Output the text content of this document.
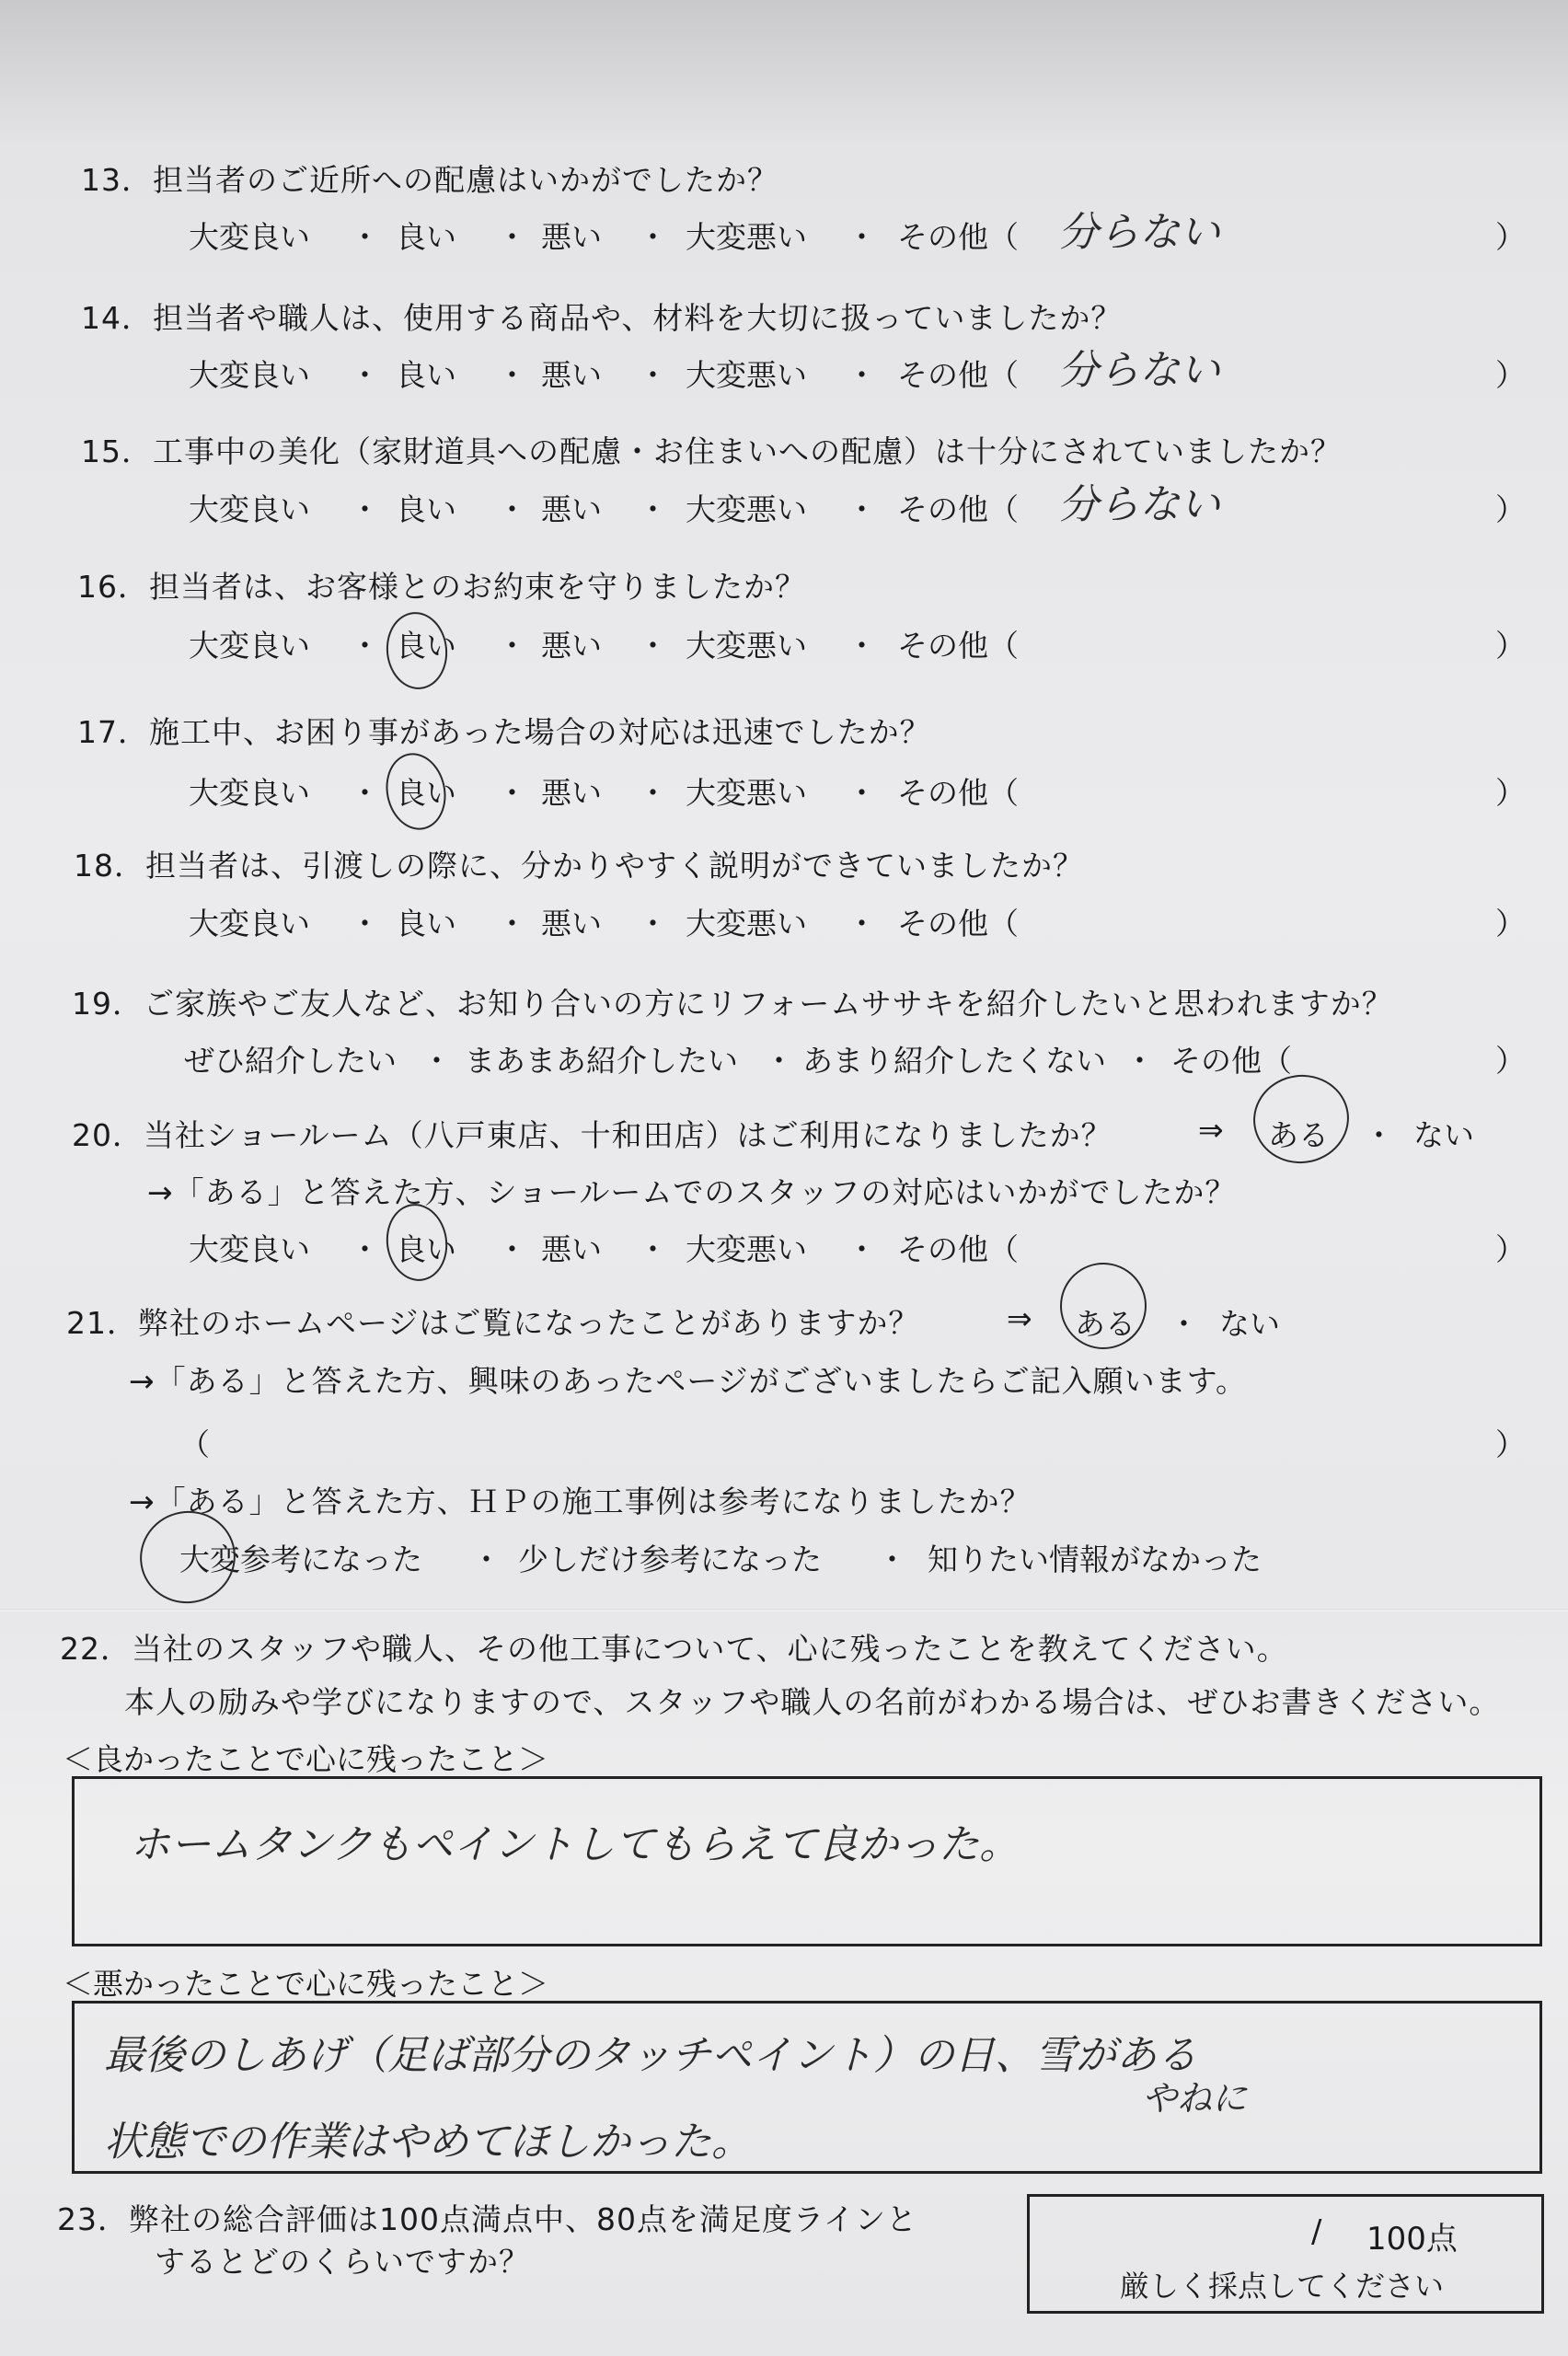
13．担当者のご近所への配慮はいかがでしたか？
大変良い ・ 良い ・ 悪い ・ 大変悪い ・ その他（	）
分らない
14．担当者や職人は、使用する商品や、材料を大切に扱っていましたか？
大変良い ・ 良い ・ 悪い ・ 大変悪い ・ その他（	）
分らない
15．工事中の美化（家財道具への配慮・お住まいへの配慮）は十分にされていましたか？
大変良い ・ 良い ・ 悪い ・ 大変悪い ・ その他（	）
分らない
16．担当者は、お客様とのお約束を守りましたか？
大変良い ・ 良い ・ 悪い ・ 大変悪い ・ その他（	）
17．施工中、お困り事があった場合の対応は迅速でしたか？
大変良い ・ 良い ・ 悪い ・ 大変悪い ・ その他（	）
18．担当者は、引渡しの際に、分かりやすく説明ができていましたか？
大変良い ・ 良い ・ 悪い ・ 大変悪い ・ その他（	）
19．ご家族やご友人など、お知り合いの方にリフォームササキを紹介したいと思われますか？
ぜひ紹介したい ・ まあまあ紹介したい ・ あまり紹介したくない ・ その他（	）
20．当社ショールーム（八戸東店、十和田店）はご利用になりましたか？	⇒ ある ・ ない
→「ある」と答えた方、ショールームでのスタッフの対応はいかがでしたか？
大変良い ・ 良い ・ 悪い ・ 大変悪い ・ その他（	）
21．弊社のホームページはご覧になったことがありますか？	⇒ ある ・ ない
→「ある」と答えた方、興味のあったページがございましたらご記入願います。
（	）
→「ある」と答えた方、ＨＰの施工事例は参考になりましたか？
大変参考になった ・ 少しだけ参考になった ・ 知りたい情報がなかった
22．当社のスタッフや職人、その他工事について、心に残ったことを教えてください。
本人の励みや学びになりますので、スタッフや職人の名前がわかる場合は、ぜひお書きください。
＜良かったことで心に残ったこと＞
ホームタンクもペイントしてもらえて良かった。
＜悪かったことで心に残ったこと＞
最後のしあげ（足ば部分のタッチペイント）の日、雪がある
やねに
状態での作業はやめてほしかった。
23．弊社の総合評価は100点満点中、80点を満足度ラインと
するとどのくらいですか？
/ 100点
厳しく採点してください
